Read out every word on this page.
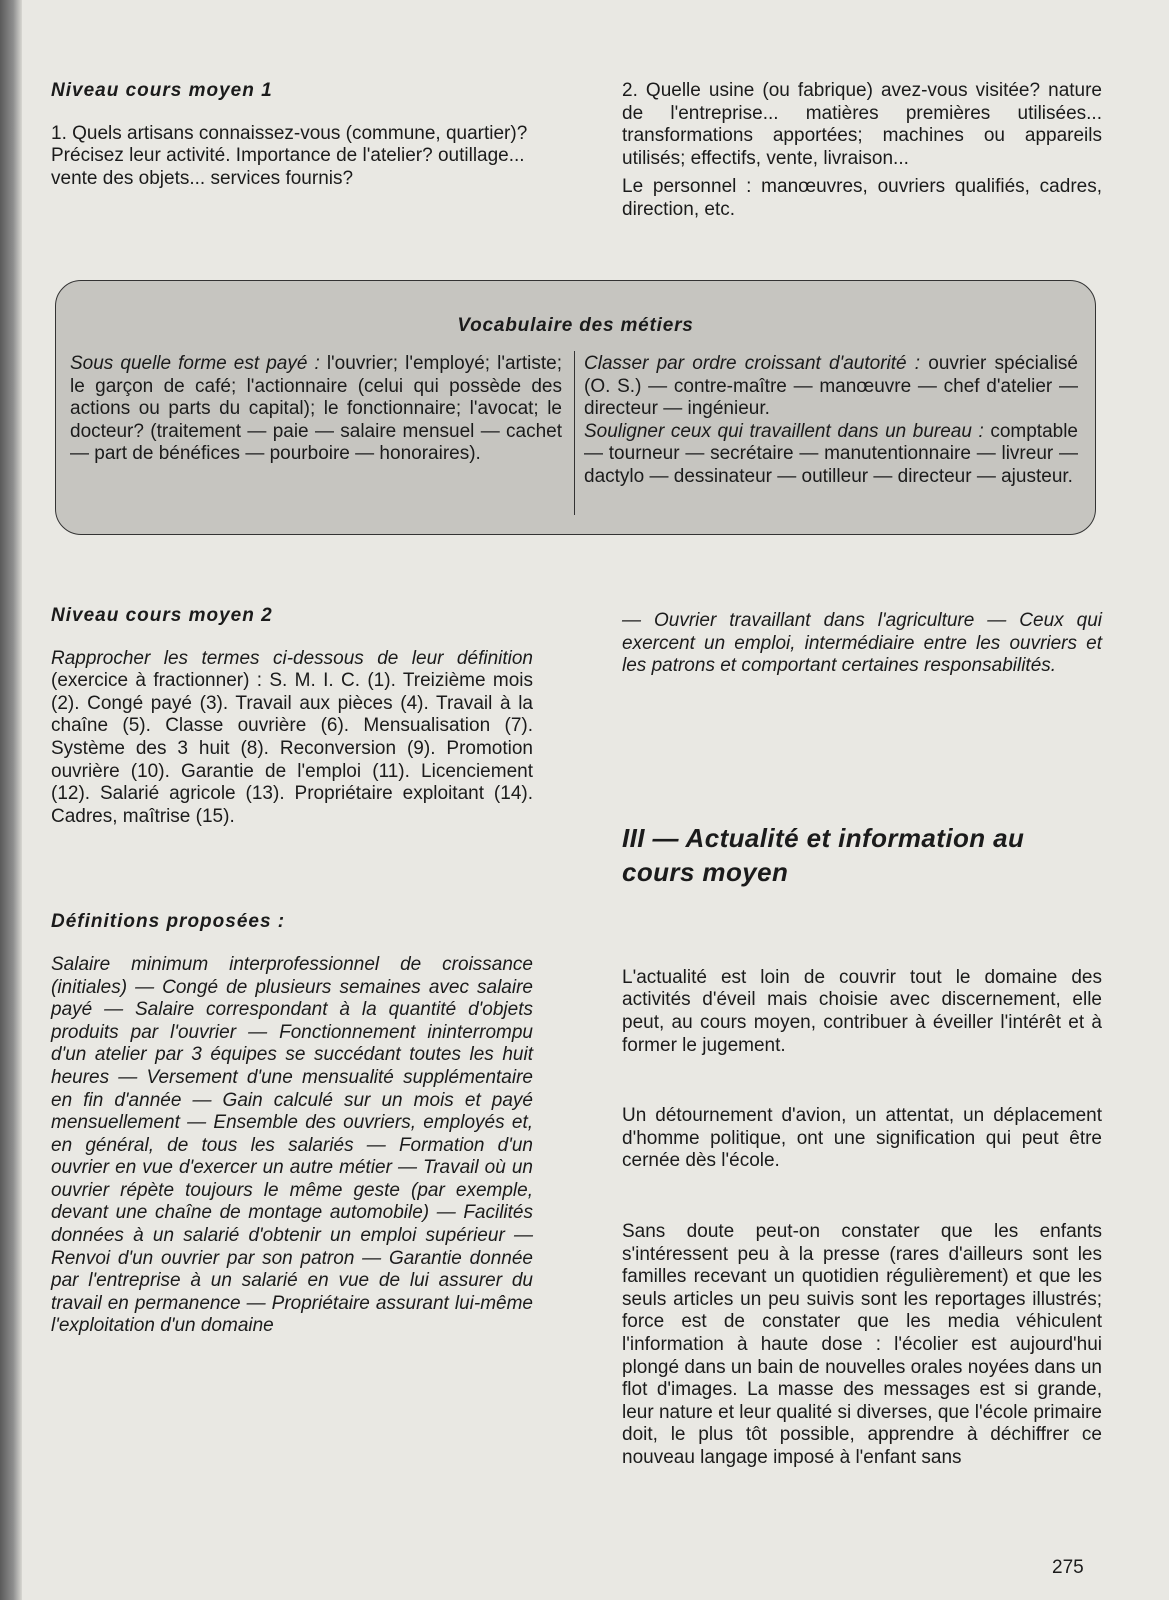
Niveau cours moyen 1

1. Quels artisans connaissez-vous (commune, quartier)? Précisez leur activité. Importance de l'atelier? outillage... vente des objets... services fournis?

2. Quelle usine (ou fabrique) avez-vous visitée? nature de l'entreprise... matières premières utilisées... transformations apportées; machines ou appareils utilisés; effectifs, vente, livraison...

Le personnel : manœuvres, ouvriers qualifiés, cadres, direction, etc.

Vocabulaire des métiers

Sous quelle forme est payé : l'ouvrier; l'employé; l'artiste; le garçon de café; l'actionnaire (celui qui possède des actions ou parts du capital); le fonctionnaire; l'avocat; le docteur? (traitement — paie — salaire mensuel — cachet — part de bénéfices — pourboire — honoraires).

Classer par ordre croissant d'autorité : ouvrier spécialisé (O. S.) — contre-maître — manœuvre — chef d'atelier — directeur — ingénieur.

Souligner ceux qui travaillent dans un bureau : comptable — tourneur — secrétaire — manutentionnaire — livreur — dactylo — dessinateur — outilleur — directeur — ajusteur.

Niveau cours moyen 2

Rapprocher les termes ci-dessous de leur définition (exercice à fractionner) : S. M. I. C. (1). Treizième mois (2). Congé payé (3). Travail aux pièces (4). Travail à la chaîne (5). Classe ouvrière (6). Mensualisation (7). Système des 3 huit (8). Reconversion (9). Promotion ouvrière (10). Garantie de l'emploi (11). Licenciement (12). Salarié agricole (13). Propriétaire exploitant (14). Cadres, maîtrise (15).

Définitions proposées :

Salaire minimum interprofessionnel de croissance (initiales) — Congé de plusieurs semaines avec salaire payé — Salaire correspondant à la quantité d'objets produits par l'ouvrier — Fonctionnement ininterrompu d'un atelier par 3 équipes se succédant toutes les huit heures — Versement d'une mensualité supplémentaire en fin d'année — Gain calculé sur un mois et payé mensuellement — Ensemble des ouvriers, employés et, en général, de tous les salariés — Formation d'un ouvrier en vue d'exercer un autre métier — Travail où un ouvrier répète toujours le même geste (par exemple, devant une chaîne de montage automobile) — Facilités données à un salarié d'obtenir un emploi supérieur — Renvoi d'un ouvrier par son patron — Garantie donnée par l'entreprise à un salarié en vue de lui assurer du travail en permanence — Propriétaire assurant lui-même l'exploitation d'un domaine

— Ouvrier travaillant dans l'agriculture — Ceux qui exercent un emploi, intermédiaire entre les ouvriers et les patrons et comportant certaines responsabilités.

III — Actualité et information au cours moyen

L'actualité est loin de couvrir tout le domaine des activités d'éveil mais choisie avec discernement, elle peut, au cours moyen, contribuer à éveiller l'intérêt et à former le jugement.

Un détournement d'avion, un attentat, un déplacement d'homme politique, ont une signification qui peut être cernée dès l'école.

Sans doute peut-on constater que les enfants s'intéressent peu à la presse (rares d'ailleurs sont les familles recevant un quotidien régulièrement) et que les seuls articles un peu suivis sont les reportages illustrés; force est de constater que les media véhiculent l'information à haute dose : l'écolier est aujourd'hui plongé dans un bain de nouvelles orales noyées dans un flot d'images. La masse des messages est si grande, leur nature et leur qualité si diverses, que l'école primaire doit, le plus tôt possible, apprendre à déchiffrer ce nouveau langage imposé à l'enfant sans

275
